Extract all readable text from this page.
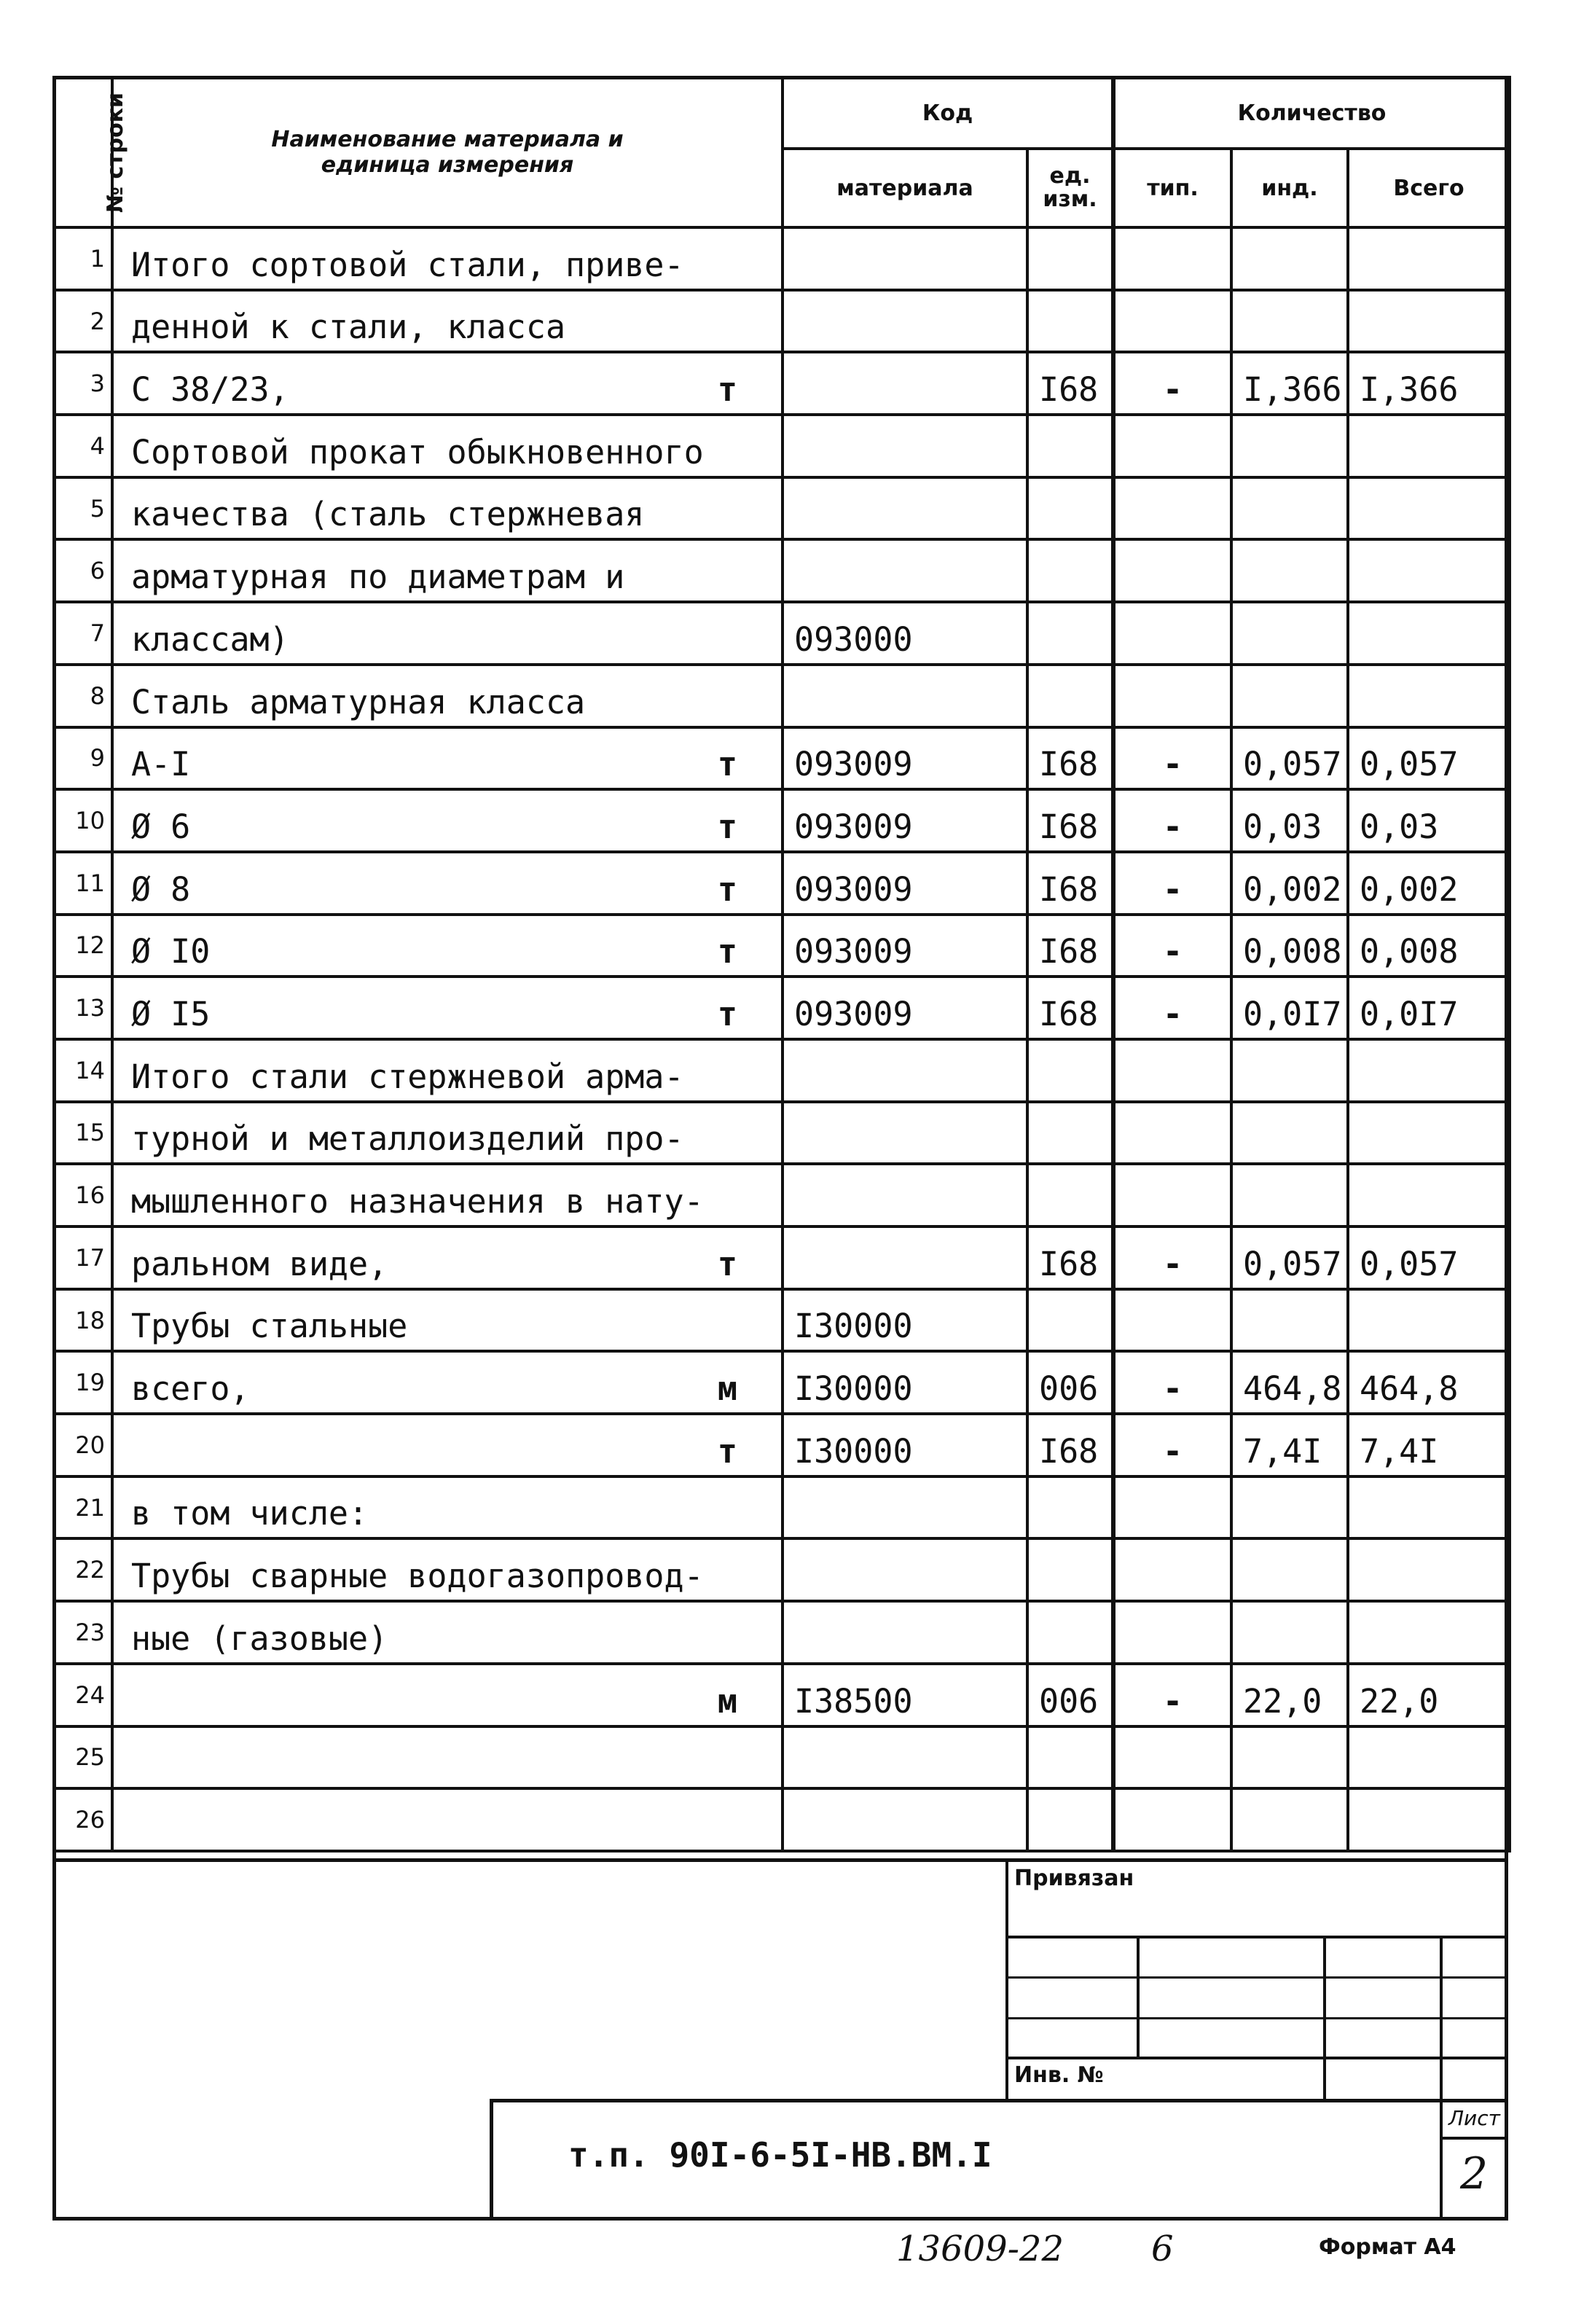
№ строки	Наименование материала и единица измерения	Код		Количество		
		материала	ед. изм.	тип.	инд.	Всего
1	Итого сортовой стали, приве-

2	денной к стали, класса

3	С 38/23, т		I68	-	I,366	I,366
4	Сортовой прокат обыкновенного

5	качества (сталь стержневая

6	арматурная по диаметрам и

7	классам)	093000				
8	Сталь арматурная класса

9	А-I т	093009	I68	-	0,057	0,057
10	Ø 6 т	093009	I68	-	0,03	0,03
11	Ø 8 т	093009	I68	-	0,002	0,002
12	Ø I0 т	093009	I68	-	0,008	0,008
13	Ø I5 т	093009	I68	-	0,0I7	0,0I7
14	Итого стали стержневой арма-

15	турной и металлоизделий про-

16	мышленного назначения в нату-

17	ральном виде, т		I68	-	0,057	0,057
18	Трубы стальные	I30000				
19	всего, м	I30000	006	-	464,8	464,8
20	т	I30000	I68	-	7,4I	7,4I
21	в том числе:

22	Трубы сварные водогазопровод-

23	ные (газовые)

24	м	I38500	006	-	22,0	22,0
25	

26	

Привязан
Инв. №
т.п. 90I-6-5I-НВ.ВМ.I
Лист
2
13609-22	6	Формат А4
